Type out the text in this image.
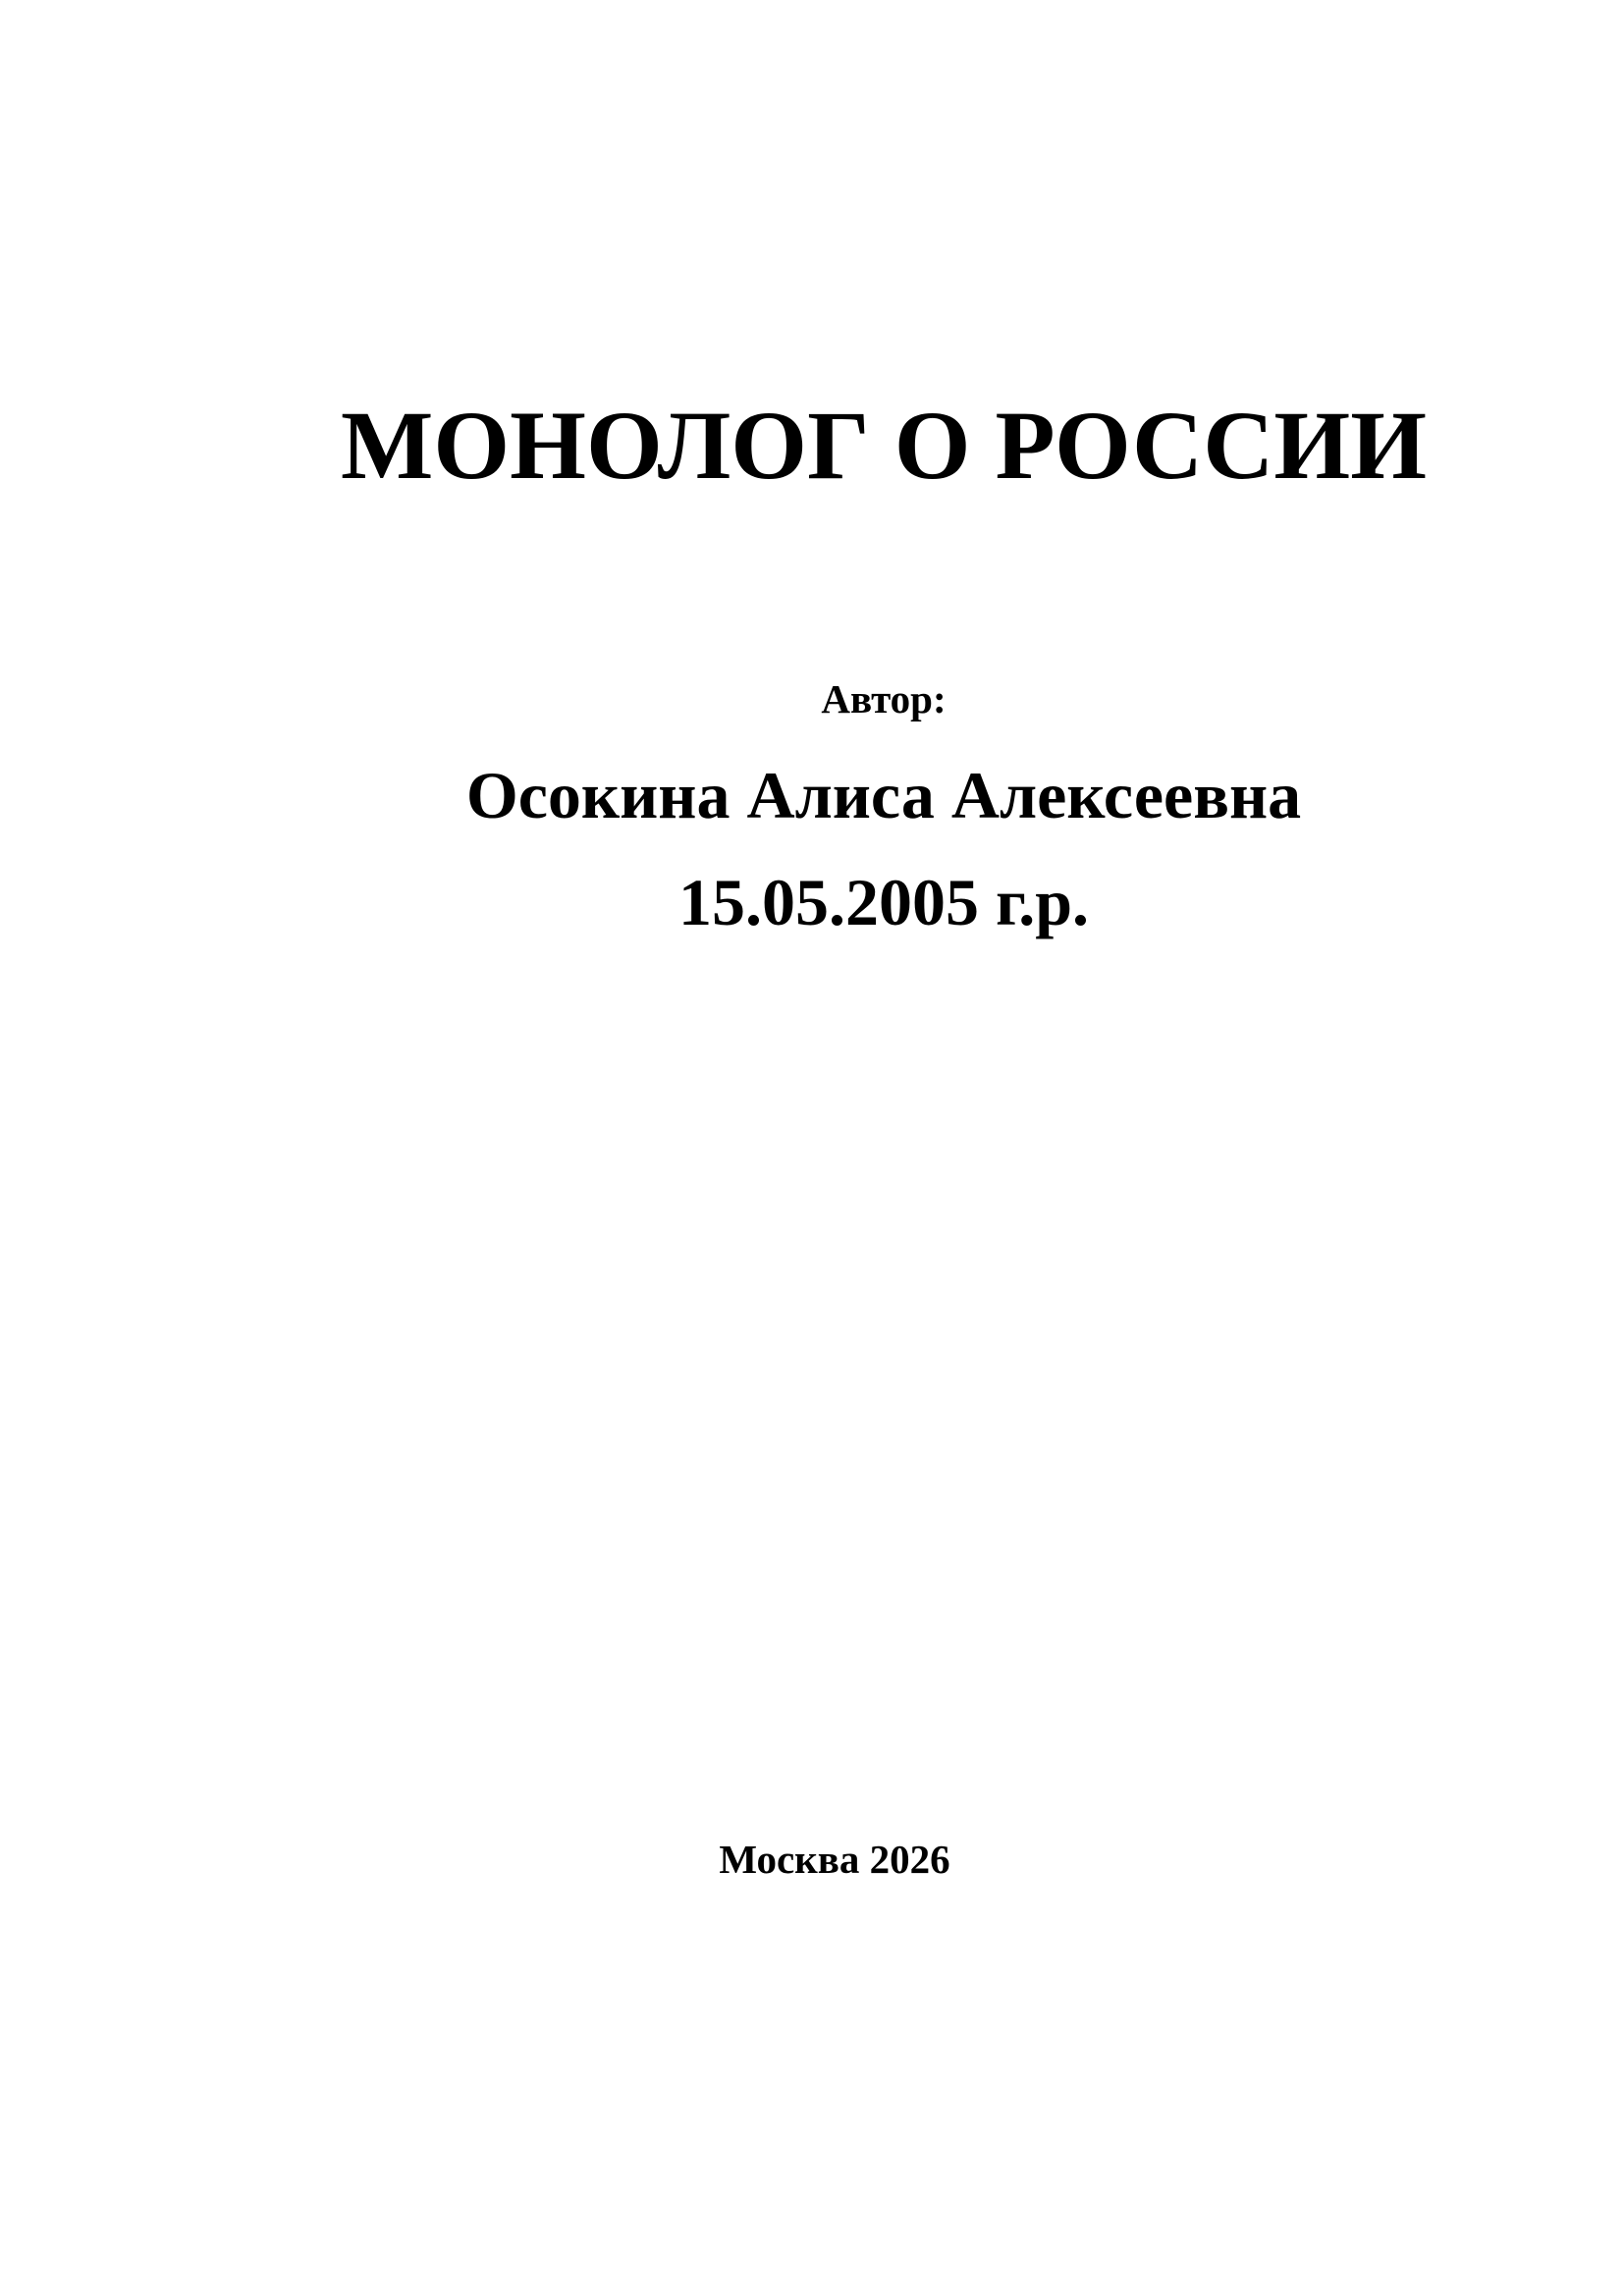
МОНОЛОГ О РОССИИ
Автор:
Осокина Алиса Алексеевна
15.05.2005 г.р.
Москва 2026
